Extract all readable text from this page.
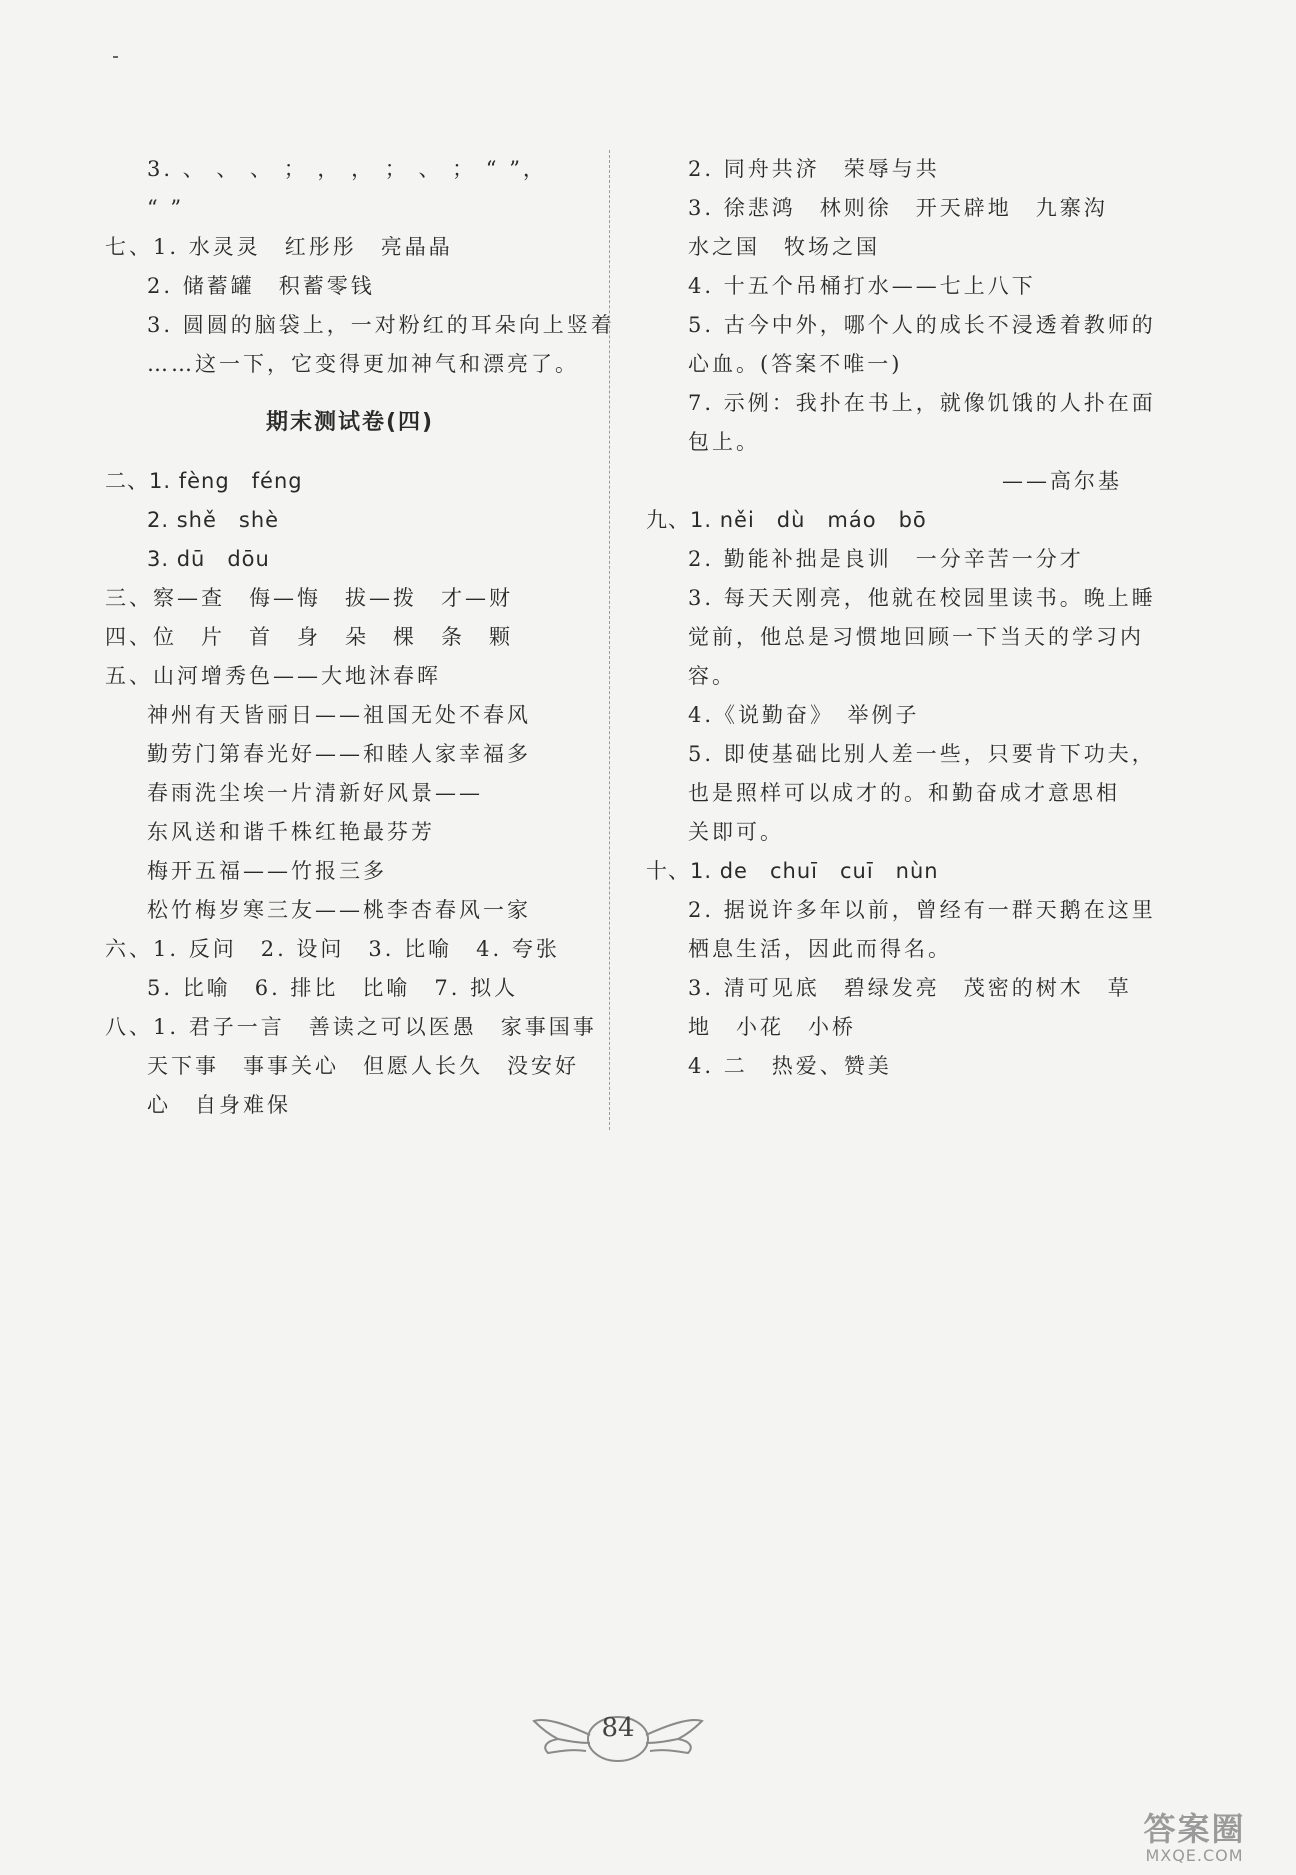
3. 、 、 、 ； ， ， ； 、 ； “ ”，
“ ”
七、1. 水灵灵　红彤彤　亮晶晶
2. 储蓄罐　积蓄零钱
3. 圆圆的脑袋上，一对粉红的耳朵向上竖着
……这一下，它变得更加神气和漂亮了。
期末测试卷(四)
二、1. fèng　féng
2. shě　shè
3. dū　dōu
三、察—查　侮—悔　拔—拨　才—财
四、位　片　首　身　朵　棵　条　颗
五、山河增秀色——大地沐春晖
神州有天皆丽日——祖国无处不春风
勤劳门第春光好——和睦人家幸福多
春雨洗尘埃一片清新好风景——
东风送和谐千株红艳最芬芳
梅开五福——竹报三多
松竹梅岁寒三友——桃李杏春风一家
六、1. 反问　2. 设问　3. 比喻　4. 夸张
5. 比喻　6. 排比　比喻　7. 拟人
八、1. 君子一言　善读之可以医愚　家事国事
天下事　事事关心　但愿人长久　没安好
心　自身难保
2. 同舟共济　荣辱与共
3. 徐悲鸿　林则徐　开天辟地　九寨沟
水之国　牧场之国
4. 十五个吊桶打水——七上八下
5. 古今中外，哪个人的成长不浸透着教师的
心血。(答案不唯一)
7. 示例：我扑在书上，就像饥饿的人扑在面
包上。
——高尔基
九、1. něi　dù　máo　bō
2. 勤能补拙是良训　一分辛苦一分才
3. 每天天刚亮，他就在校园里读书。晚上睡
觉前，他总是习惯地回顾一下当天的学习内
容。
4.《说勤奋》　举例子
5. 即使基础比别人差一些，只要肯下功夫，
也是照样可以成才的。和勤奋成才意思相
关即可。
十、1. de　chuī　cuī　nùn
2. 据说许多年以前，曾经有一群天鹅在这里
栖息生活，因此而得名。
3. 清可见底　碧绿发亮　茂密的树木　草
地　小花　小桥
4. 二　热爱、赞美
84
答案圈
MXQE.COM
